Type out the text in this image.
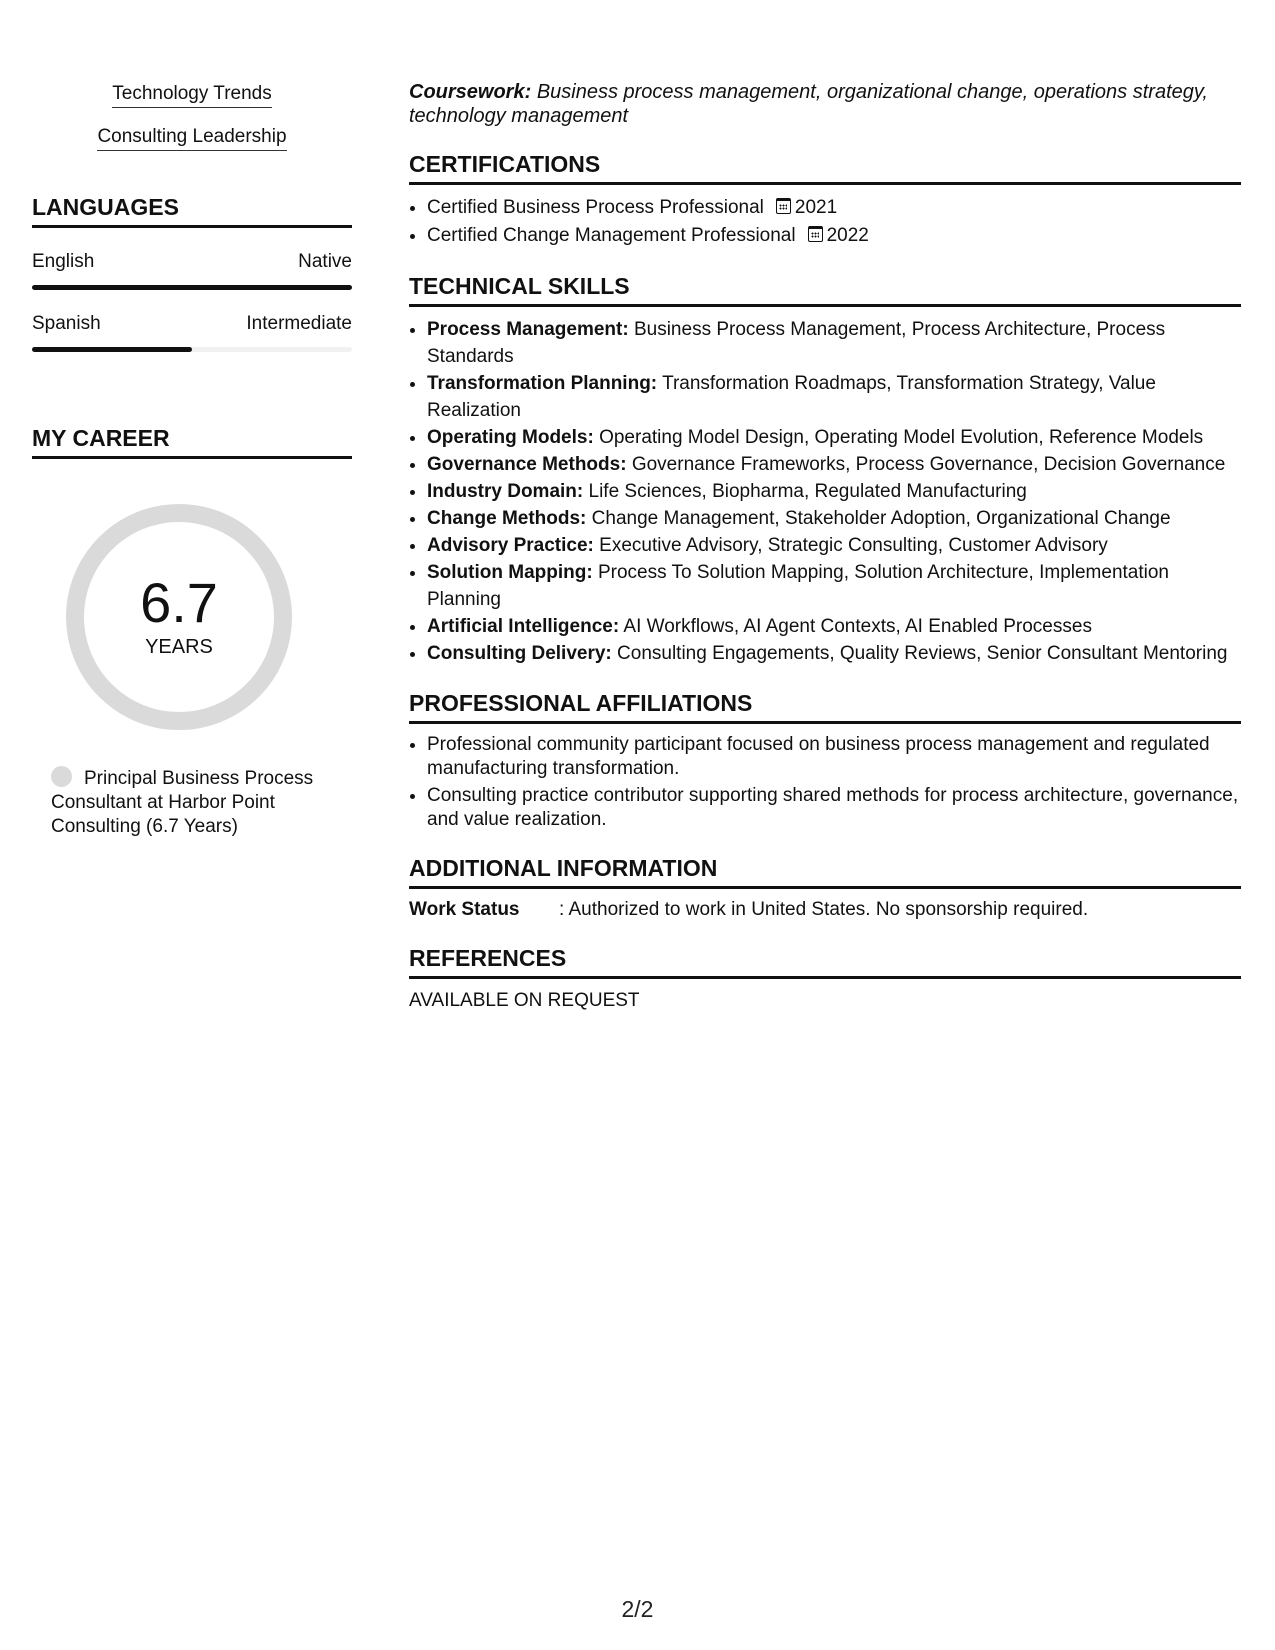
Technology Trends
Consulting Leadership
LANGUAGES
English	Native
Spanish	Intermediate
MY CAREER
6.7
YEARS
Principal Business Process Consultant at Harbor Point Consulting (6.7 Years)
Coursework: Business process management, organizational change, operations strategy, technology management
CERTIFICATIONS
• Certified Business Process Professional 2021
• Certified Change Management Professional 2022
TECHNICAL SKILLS
• Process Management: Business Process Management, Process Architecture, Process Standards
• Transformation Planning: Transformation Roadmaps, Transformation Strategy, Value Realization
• Operating Models: Operating Model Design, Operating Model Evolution, Reference Models
• Governance Methods: Governance Frameworks, Process Governance, Decision Governance
• Industry Domain: Life Sciences, Biopharma, Regulated Manufacturing
• Change Methods: Change Management, Stakeholder Adoption, Organizational Change
• Advisory Practice: Executive Advisory, Strategic Consulting, Customer Advisory
• Solution Mapping: Process To Solution Mapping, Solution Architecture, Implementation Planning
• Artificial Intelligence: AI Workflows, AI Agent Contexts, AI Enabled Processes
• Consulting Delivery: Consulting Engagements, Quality Reviews, Senior Consultant Mentoring
PROFESSIONAL AFFILIATIONS
• Professional community participant focused on business process management and regulated manufacturing transformation.
• Consulting practice contributor supporting shared methods for process architecture, governance, and value realization.
ADDITIONAL INFORMATION
Work Status	: Authorized to work in United States. No sponsorship required.
REFERENCES
AVAILABLE ON REQUEST
2/2
